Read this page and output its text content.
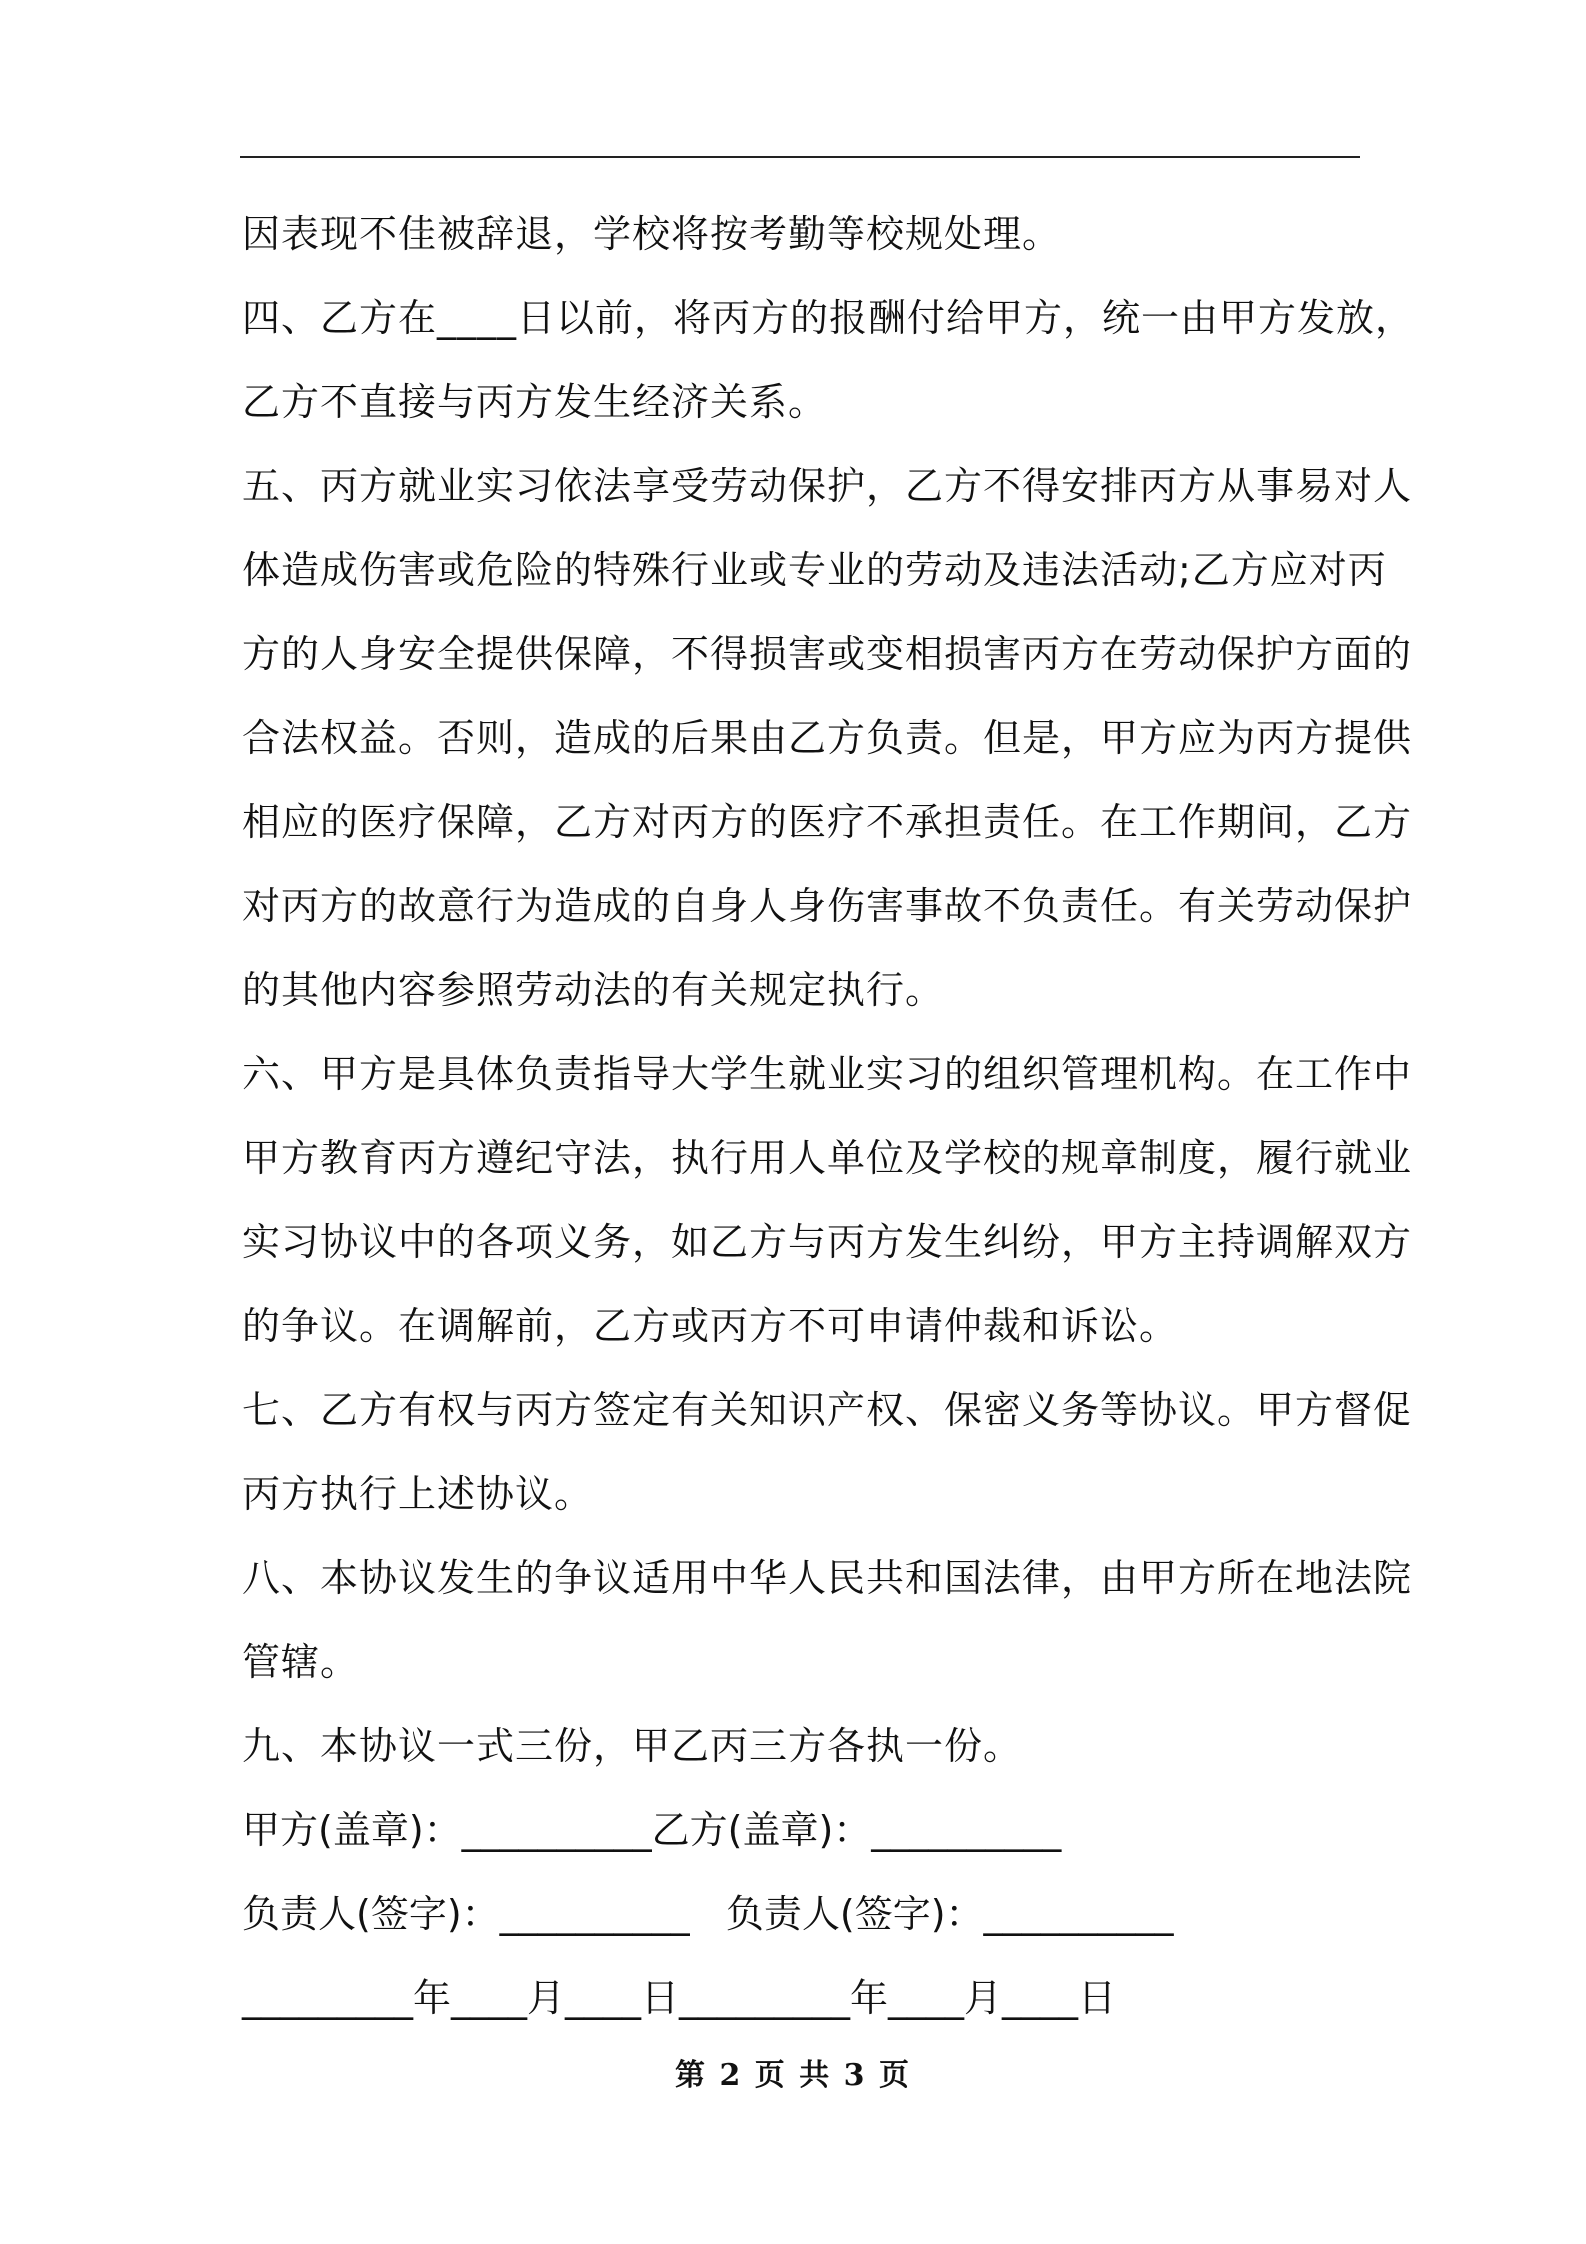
因表现不佳被辞退，学校将按考勤等校规处理。
四、乙方在____日以前，将丙方的报酬付给甲方，统一由甲方发放，
乙方不直接与丙方发生经济关系。
五、丙方就业实习依法享受劳动保护，乙方不得安排丙方从事易对人
体造成伤害或危险的特殊行业或专业的劳动及违法活动;乙方应对丙
方的人身安全提供保障，不得损害或变相损害丙方在劳动保护方面的
合法权益。否则，造成的后果由乙方负责。但是，甲方应为丙方提供
相应的医疗保障，乙方对丙方的医疗不承担责任。在工作期间，乙方
对丙方的故意行为造成的自身人身伤害事故不负责任。有关劳动保护
的其他内容参照劳动法的有关规定执行。
六、甲方是具体负责指导大学生就业实习的组织管理机构。在工作中
甲方教育丙方遵纪守法，执行用人单位及学校的规章制度，履行就业
实习协议中的各项义务，如乙方与丙方发生纠纷，甲方主持调解双方
的争议。在调解前，乙方或丙方不可申请仲裁和诉讼。
七、乙方有权与丙方签定有关知识产权、保密义务等协议。甲方督促
丙方执行上述协议。
八、本协议发生的争议适用中华人民共和国法律，由甲方所在地法院
管辖。
九、本协议一式三份，甲乙丙三方各执一份。
甲方(盖章)：__________乙方(盖章)：__________
负责人(签字)：__________   负责人(签字)：__________
_________年____月____日_________年____月____日
第 2 页 共 3 页
